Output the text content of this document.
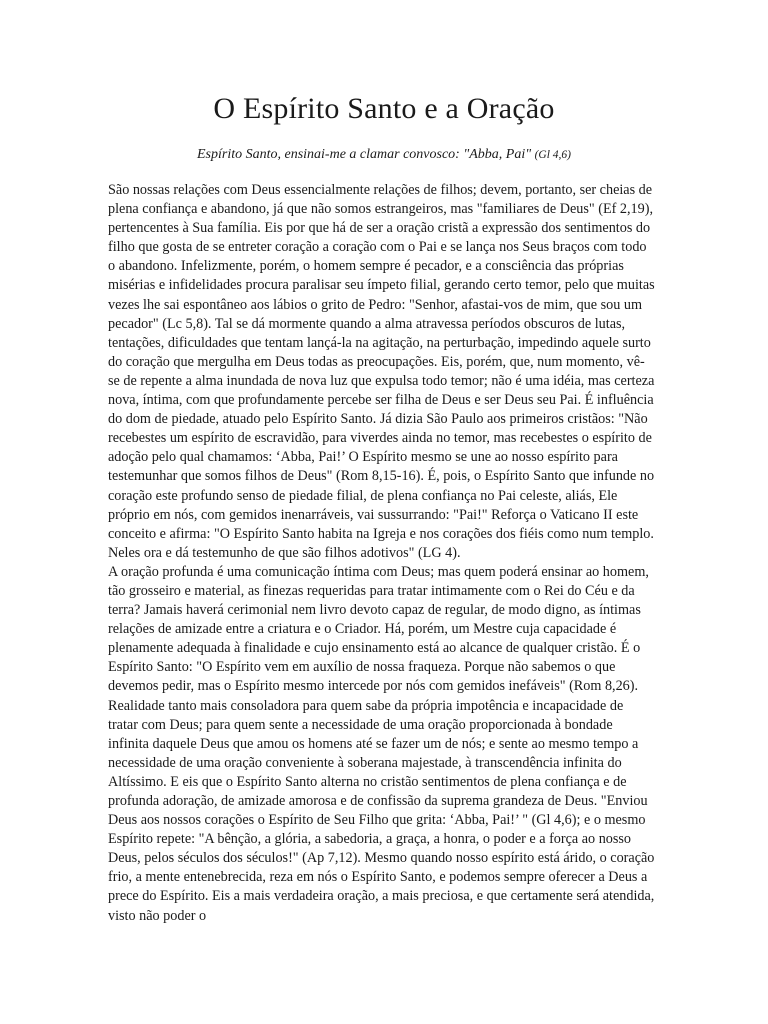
O Espírito Santo e a Oração

Espírito Santo, ensinai-me a clamar convosco: "Abba, Pai" (Gl 4,6)

São nossas relações com Deus essencialmente relações de filhos; devem, portanto, ser cheias de plena confiança e abandono, já que não somos estrangeiros, mas "familiares de Deus" (Ef 2,19), pertencentes à Sua família. Eis por que há de ser a oração cristã a expressão dos sentimentos do filho que gosta de se entreter coração a coração com o Pai e se lança nos Seus braços com todo o abandono. Infelizmente, porém, o homem sempre é pecador, e a consciência das próprias misérias e infidelidades procura paralisar seu ímpeto filial, gerando certo temor, pelo que muitas vezes lhe sai espontâneo aos lábios o grito de Pedro: "Senhor, afastai-vos de mim, que sou um pecador" (Lc 5,8). Tal se dá mormente quando a alma atravessa períodos obscuros de lutas, tentações, dificuldades que tentam lançá-la na agitação, na perturbação, impedindo aquele surto do coração que mergulha em Deus todas as preocupações. Eis, porém, que, num momento, vê-se de repente a alma inundada de nova luz que expulsa todo temor; não é uma idéia, mas certeza nova, íntima, com que profundamente percebe ser filha de Deus e ser Deus seu Pai. É influência do dom de piedade, atuado pelo Espírito Santo. Já dizia São Paulo aos primeiros cristãos: "Não recebestes um espírito de escravidão, para viverdes ainda no temor, mas recebestes o espírito de adoção pelo qual chamamos: ‘Abba, Pai!’ O Espírito mesmo se une ao nosso espírito para testemunhar que somos filhos de Deus" (Rom 8,15-16). É, pois, o Espírito Santo que infunde no coração este profundo senso de piedade filial, de plena confiança no Pai celeste, aliás, Ele próprio em nós, com gemidos inenarráveis, vai sussurrando: "Pai!" Reforça o Vaticano II este conceito e afirma: "O Espírito Santo habita na Igreja e nos corações dos fiéis como num templo. Neles ora e dá testemunho de que são filhos adotivos" (LG 4).

A oração profunda é uma comunicação íntima com Deus; mas quem poderá ensinar ao homem, tão grosseiro e material, as finezas requeridas para tratar intimamente com o Rei do Céu e da terra? Jamais haverá cerimonial nem livro devoto capaz de regular, de modo digno, as íntimas relações de amizade entre a criatura e o Criador. Há, porém, um Mestre cuja capacidade é plenamente adequada à finalidade e cujo ensinamento está ao alcance de qualquer cristão. É o Espírito Santo: "O Espírito vem em auxílio de nossa fraqueza. Porque não sabemos o que devemos pedir, mas o Espírito mesmo intercede por nós com gemidos inefáveis" (Rom 8,26). Realidade tanto mais consoladora para quem sabe da própria impotência e incapacidade de tratar com Deus; para quem sente a necessidade de uma oração proporcionada à bondade infinita daquele Deus que amou os homens até se fazer um de nós; e sente ao mesmo tempo a necessidade de uma oração conveniente à soberana majestade, à transcendência infinita do Altíssimo. E eis que o Espírito Santo alterna no cristão sentimentos de plena confiança e de profunda adoração, de amizade amorosa e de confissão da suprema grandeza de Deus. "Enviou Deus aos nossos corações o Espírito de Seu Filho que grita: ‘Abba, Pai!’ " (Gl 4,6); e o mesmo Espírito repete: "A bênção, a glória, a sabedoria, a graça, a honra, o poder e a força ao nosso Deus, pelos séculos dos séculos!" (Ap 7,12). Mesmo quando nosso espírito está árido, o coração frio, a mente entenebrecida, reza em nós o Espírito Santo, e podemos sempre oferecer a Deus a prece do Espírito. Eis a mais verdadeira oração, a mais preciosa, e que certamente será atendida, visto não poder o
